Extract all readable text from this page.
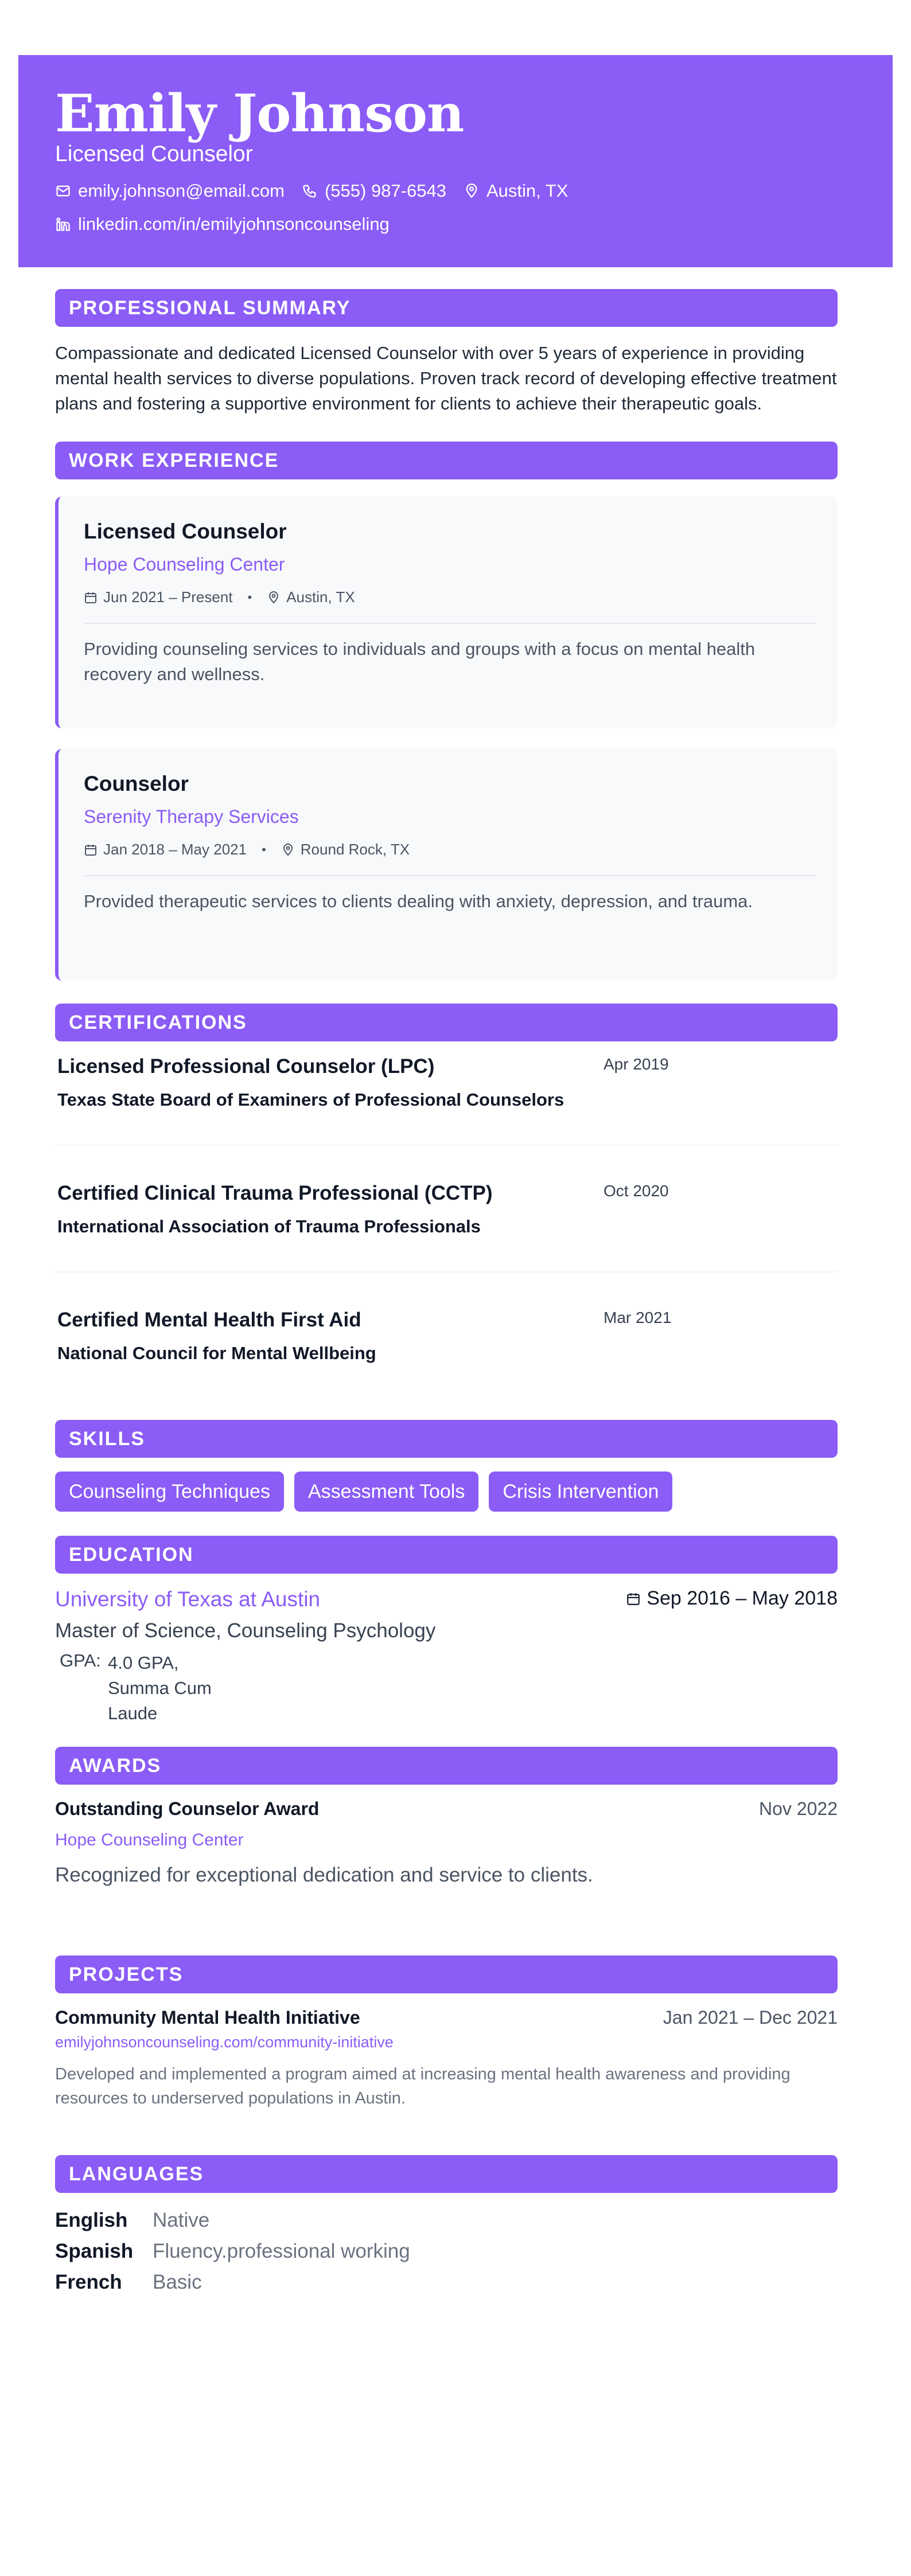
Emily Johnson
Licensed Counselor
emily.johnson@email.com (555) 987-6543 Austin, TX
linkedin.com/in/emilyjohnsoncounseling
PROFESSIONAL SUMMARY
Compassionate and dedicated Licensed Counselor with over 5 years of experience in providing mental health services to diverse populations. Proven track record of developing effective treatment plans and fostering a supportive environment for clients to achieve their therapeutic goals.
WORK EXPERIENCE
Licensed Counselor
Hope Counseling Center
Jun 2021 – Present • Austin, TX
Providing counseling services to individuals and groups with a focus on mental health recovery and wellness.
Counselor
Serenity Therapy Services
Jan 2018 – May 2021 • Round Rock, TX
Provided therapeutic services to clients dealing with anxiety, depression, and trauma.
CERTIFICATIONS
Licensed Professional Counselor (LPC)	Apr 2019
Texas State Board of Examiners of Professional Counselors
Certified Clinical Trauma Professional (CCTP)	Oct 2020
International Association of Trauma Professionals
Certified Mental Health First Aid	Mar 2021
National Council for Mental Wellbeing
SKILLS
Counseling Techniques	Assessment Tools	Crisis Intervention
EDUCATION
University of Texas at Austin	Sep 2016 – May 2018
Master of Science, Counseling Psychology
GPA: 4.0 GPA, Summa Cum Laude
AWARDS
Outstanding Counselor Award	Nov 2022
Hope Counseling Center
Recognized for exceptional dedication and service to clients.
PROJECTS
Community Mental Health Initiative	Jan 2021 – Dec 2021
emilyjohnsoncounseling.com/community-initiative
Developed and implemented a program aimed at increasing mental health awareness and providing resources to underserved populations in Austin.
LANGUAGES
English	Native
Spanish Fluency.professional working
French	Basic
